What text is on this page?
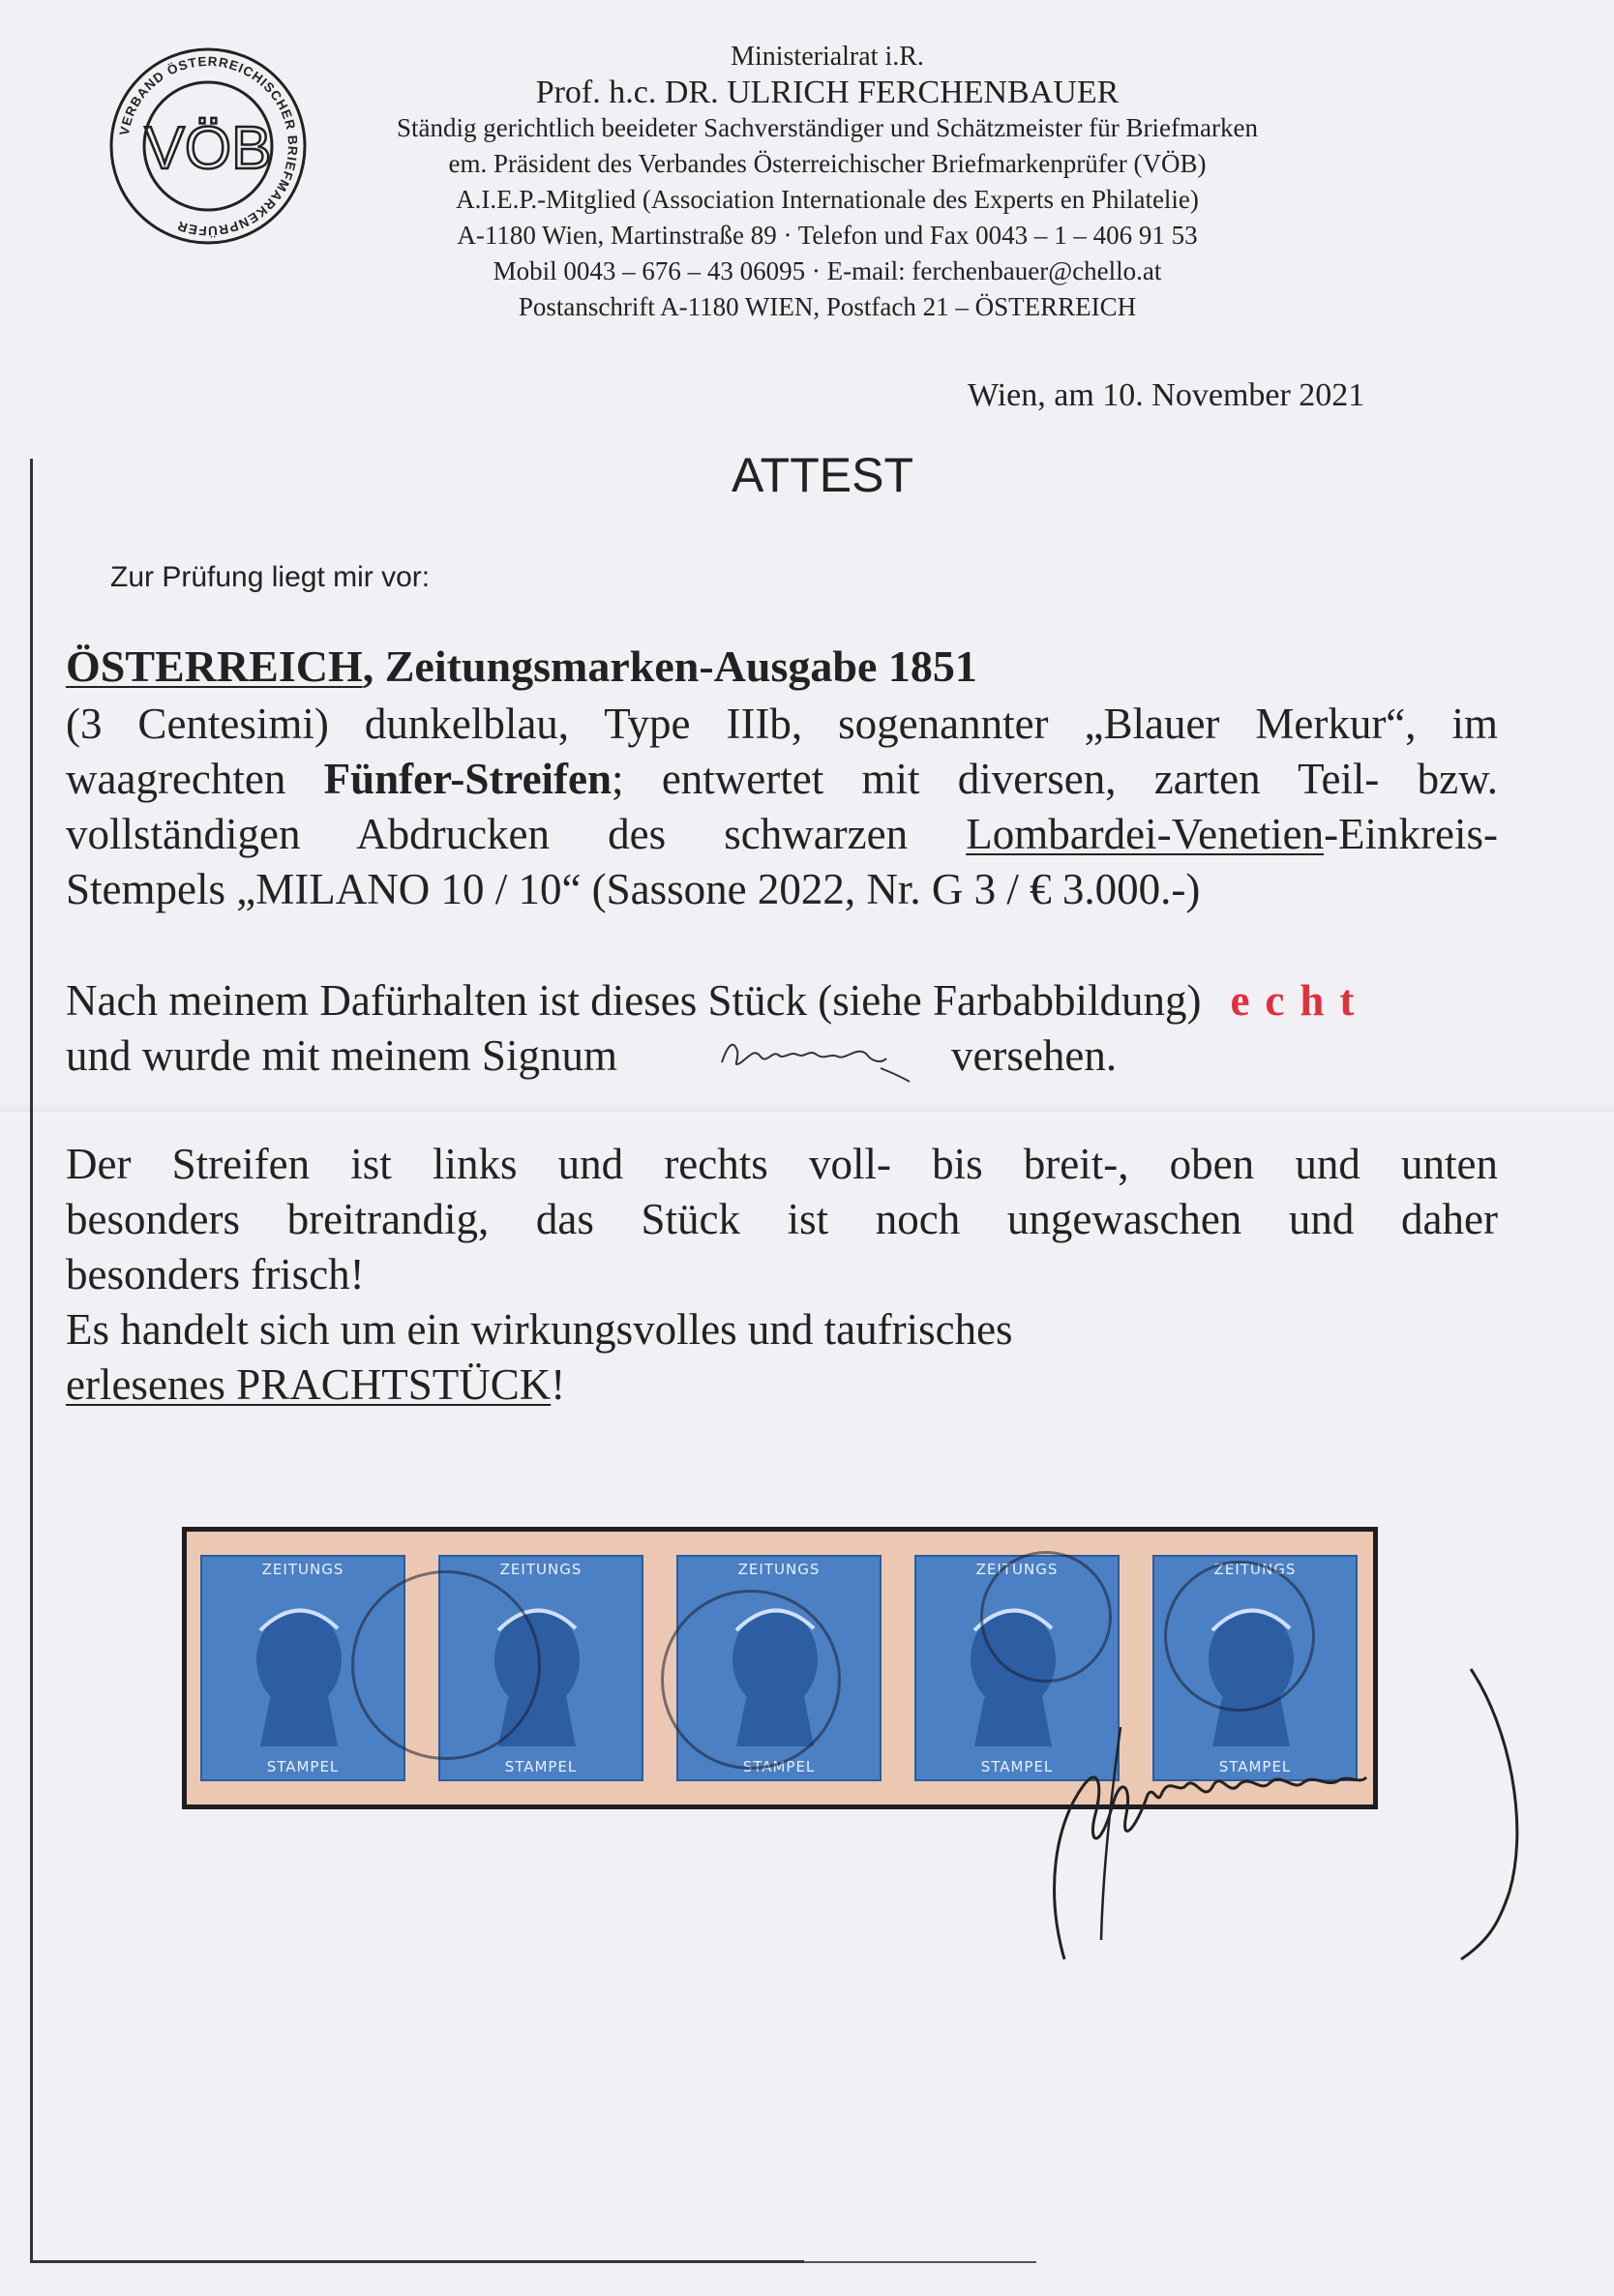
VERBAND ÖSTERREICHISCHER BRIEFMARKENPRÜFER
VÖB
Ministerialrat i.R.
Prof. h.c. DR. ULRICH FERCHENBAUER
Ständig gerichtlich beeideter Sachverständiger und Schätzmeister für Briefmarken
em. Präsident des Verbandes Österreichischer Briefmarkenprüfer (VÖB)
A.I.E.P.-Mitglied (Association Internationale des Experts en Philatelie)
A-1180 Wien, Martinstraße 89 · Telefon und Fax 0043 – 1 – 406 91 53
Mobil 0043 – 676 – 43 06095 · E-mail: ferchenbauer@chello.at
Postanschrift A-1180 WIEN, Postfach 21 – ÖSTERREICH
Wien, am 10. November 2021
ATTEST
Zur Prüfung liegt mir vor:
ÖSTERREICH, Zeitungsmarken-Ausgabe 1851

(3 Centesimi) dunkelblau, Type IIIb, sogenannter „Blauer Merkur“, im

waagrechten Fünfer-Streifen; entwertet mit diversen, zarten Teil- bzw.

vollständigen Abdrucken des schwarzen Lombardei-Venetien-Einkreis-

Stempels „MILANO 10 / 10“ (Sassone 2022, Nr. G 3 / € 3.000.-)

Nach meinem Dafürhalten ist dieses Stück (siehe Farbabbildung) echt
und wurde mit meinem Signum	versehen.

Der Streifen ist links und rechts voll- bis breit-, oben und unten

besonders breitrandig, das Stück ist noch ungewaschen und daher

besonders frisch!

Es handelt sich um ein wirkungsvolles und taufrisches

erlesenes PRACHTSTÜCK!

ZEITUNGS
STAMPEL
ZEITUNGS
STAMPEL
ZEITUNGS
STAMPEL
ZEITUNGS
STAMPEL
ZEITUNGS
STAMPEL
